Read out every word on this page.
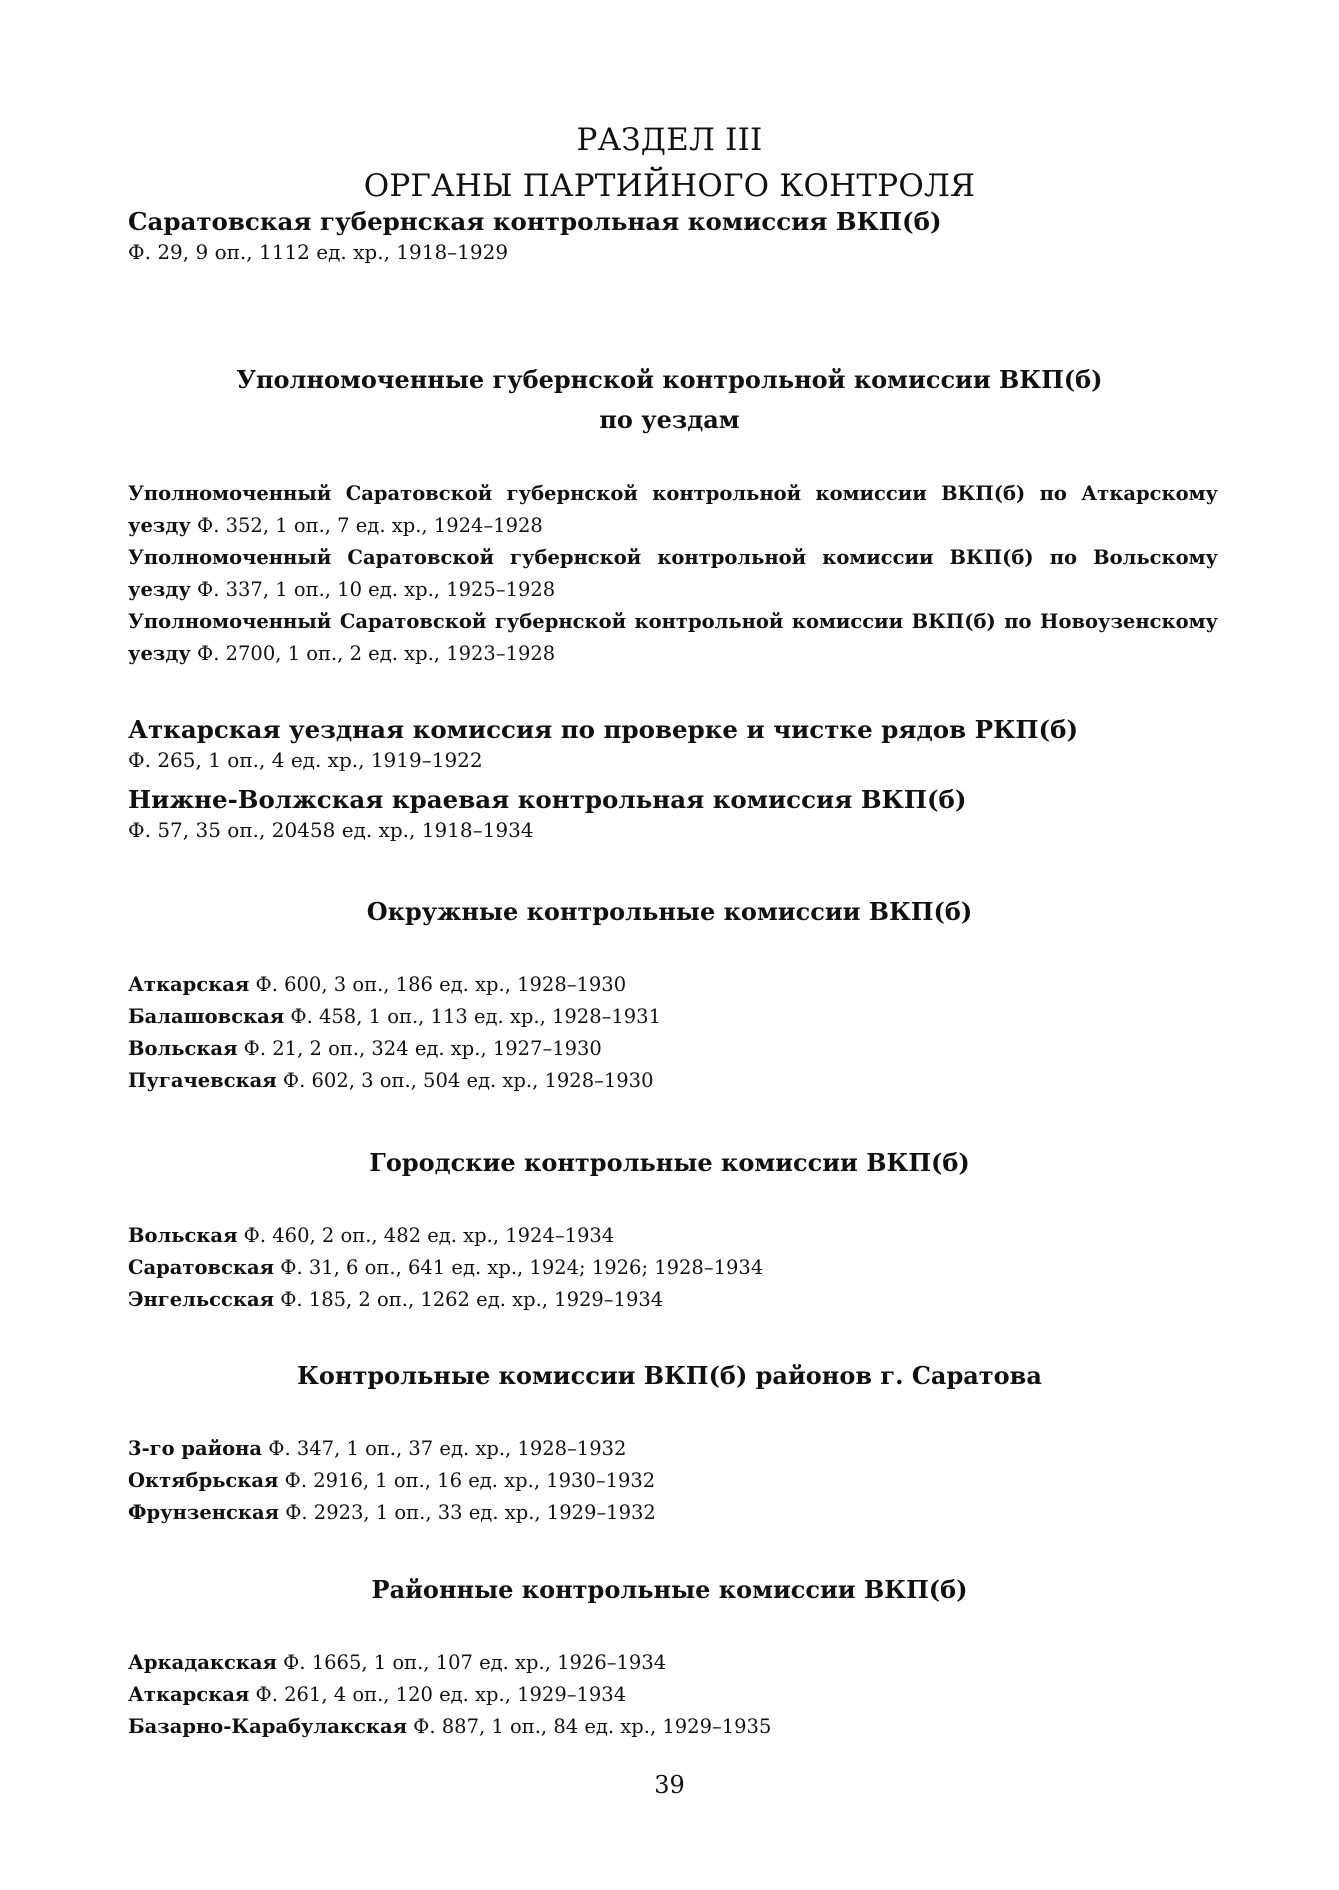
РАЗДЕЛ III
ОРГАНЫ ПАРТИЙНОГО КОНТРОЛЯ
Саратовская губернская контрольная комиссия ВКП(б)
Ф. 29, 9 оп., 1112 ед. хр., 1918–1929
Уполномоченные губернской контрольной комиссии ВКП(б)
по уездам
Уполномоченный Саратовской губернской контрольной комиссии ВКП(б) по Аткарскому уезду Ф. 352, 1 оп., 7 ед. хр., 1924–1928
Уполномоченный Саратовской губернской контрольной комиссии ВКП(б) по Вольскому уезду Ф. 337, 1 оп., 10 ед. хр., 1925–1928
Уполномоченный Саратовской губернской контрольной комиссии ВКП(б) по Новоузенскому уезду Ф. 2700, 1 оп., 2 ед. хр., 1923–1928
Аткарская уездная комиссия по проверке и чистке рядов РКП(б)
Ф. 265, 1 оп., 4 ед. хр., 1919–1922
Нижне-Волжская краевая контрольная комиссия ВКП(б)
Ф. 57, 35 оп., 20458 ед. хр., 1918–1934
Окружные контрольные комиссии ВКП(б)
Аткарская Ф. 600, 3 оп., 186 ед. хр., 1928–1930
Балашовская Ф. 458, 1 оп., 113 ед. хр., 1928–1931
Вольская Ф. 21, 2 оп., 324 ед. хр., 1927–1930
Пугачевская Ф. 602, 3 оп., 504 ед. хр., 1928–1930
Городские контрольные комиссии ВКП(б)
Вольская Ф. 460, 2 оп., 482 ед. хр., 1924–1934
Саратовская Ф. 31, 6 оп., 641 ед. хр., 1924; 1926; 1928–1934
Энгельсская Ф. 185, 2 оп., 1262 ед. хр., 1929–1934
Контрольные комиссии ВКП(б) районов г. Саратова
3-го района Ф. 347, 1 оп., 37 ед. хр., 1928–1932
Октябрьская Ф. 2916, 1 оп., 16 ед. хр., 1930–1932
Фрунзенская Ф. 2923, 1 оп., 33 ед. хр., 1929–1932
Районные контрольные комиссии ВКП(б)
Аркадакская Ф. 1665, 1 оп., 107 ед. хр., 1926–1934
Аткарская Ф. 261, 4 оп., 120 ед. хр., 1929–1934
Базарно-Карабулакская Ф. 887, 1 оп., 84 ед. хр., 1929–1935
39
